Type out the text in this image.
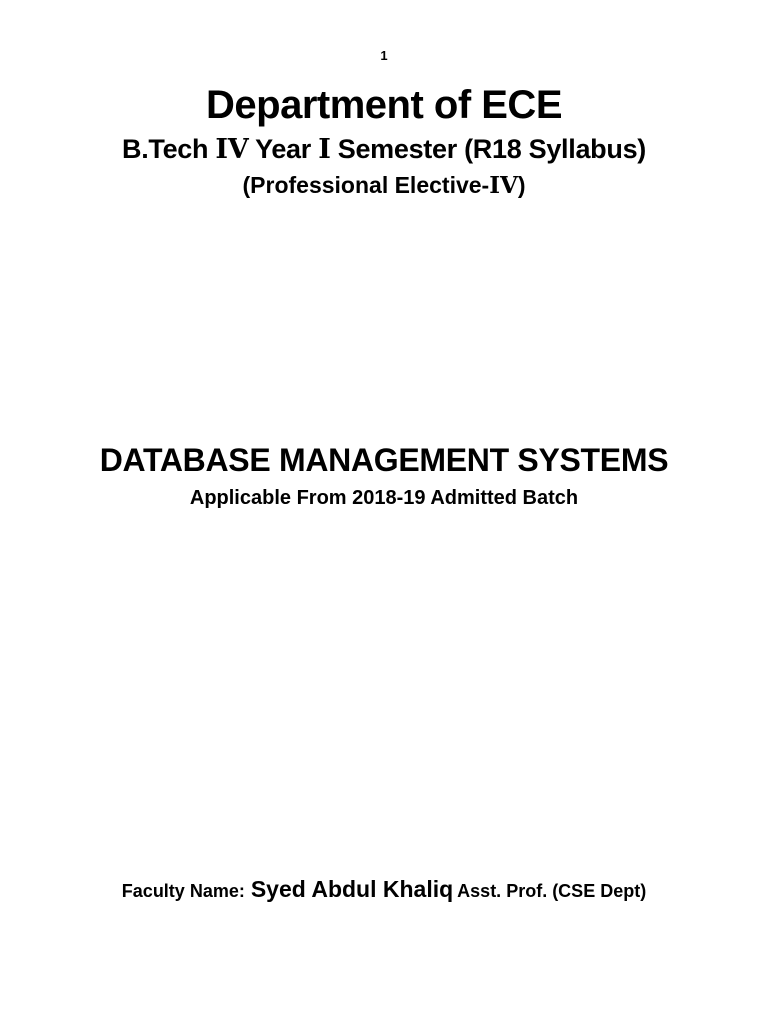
1
Department of ECE
B.Tech IV Year I Semester (R18 Syllabus)
(Professional Elective-IV)
DATABASE MANAGEMENT SYSTEMS
Applicable From 2018-19 Admitted Batch
Faculty Name: Syed Abdul Khaliq Asst. Prof. (CSE Dept)
